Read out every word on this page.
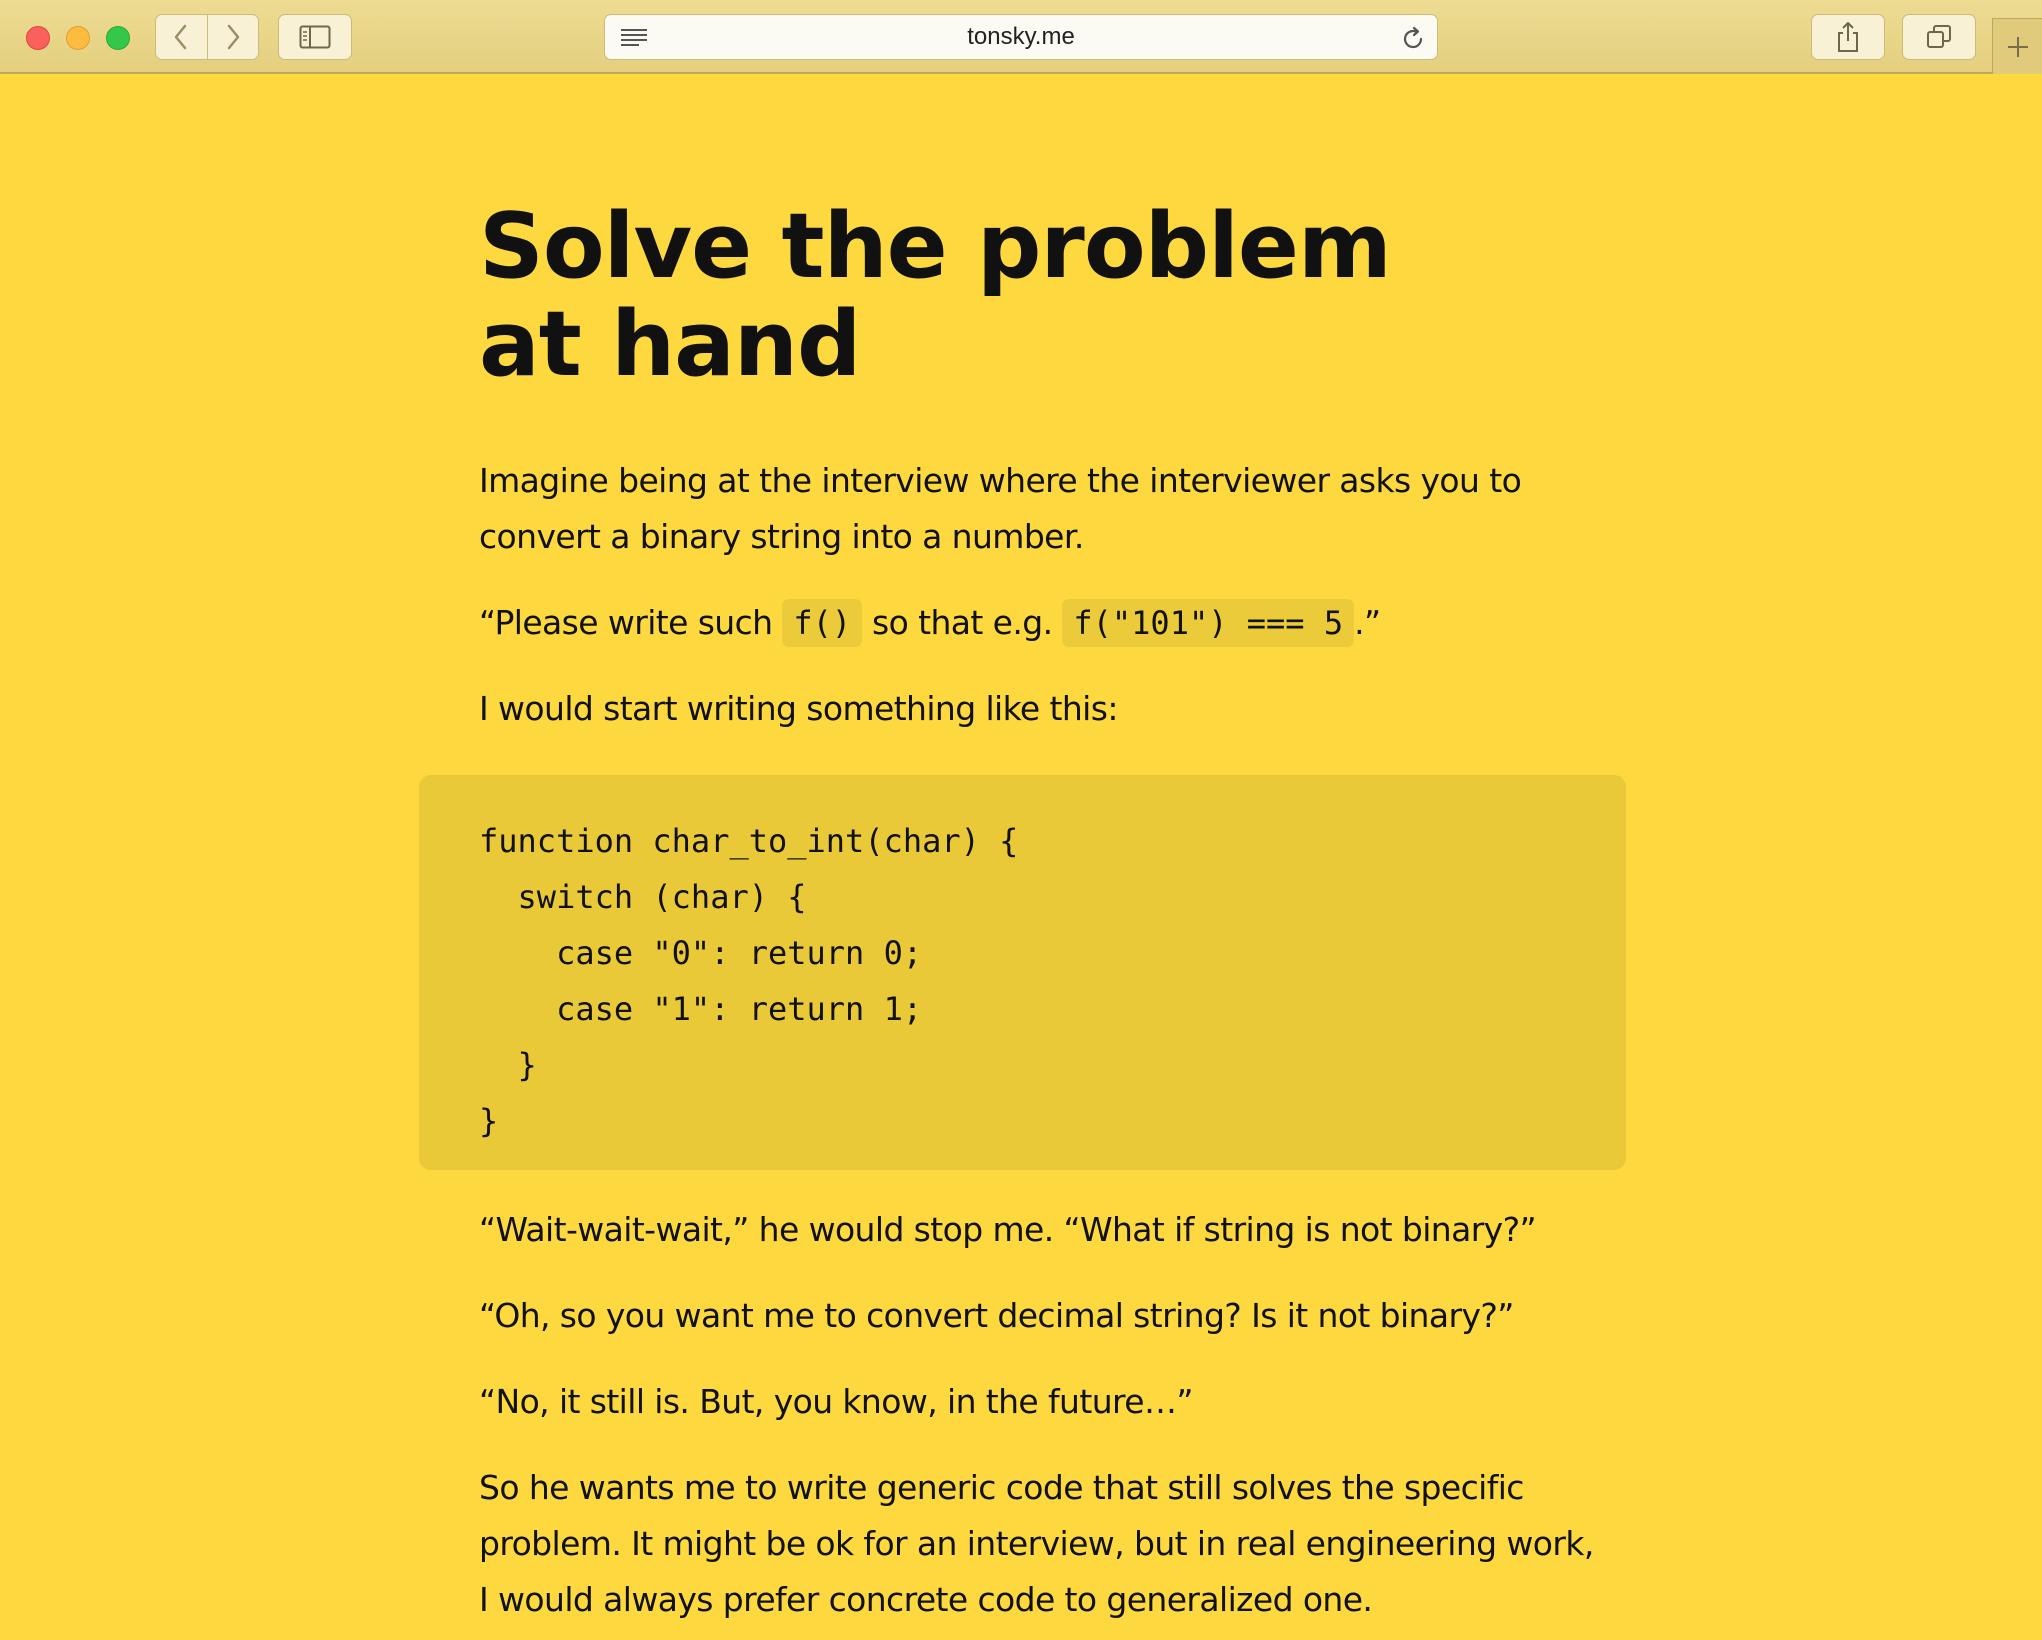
tonsky.me
Solve the problem at hand

Imagine being at the interview where the interviewer asks you to convert a binary string into a number.

“Please write such f() so that e.g. f("101") === 5 .”

I would start writing something like this:

function char_to_int(char) {
switch (char) {
case "0": return 0;
case "1": return 1;
}
}

“Wait-wait-wait,” he would stop me. “What if string is not binary?”

“Oh, so you want me to convert decimal string? Is it not binary?”

“No, it still is. But, you know, in the future…”

So he wants me to write generic code that still solves the specific problem. It might be ok for an interview, but in real engineering work, I would always prefer concrete code to generalized one.
